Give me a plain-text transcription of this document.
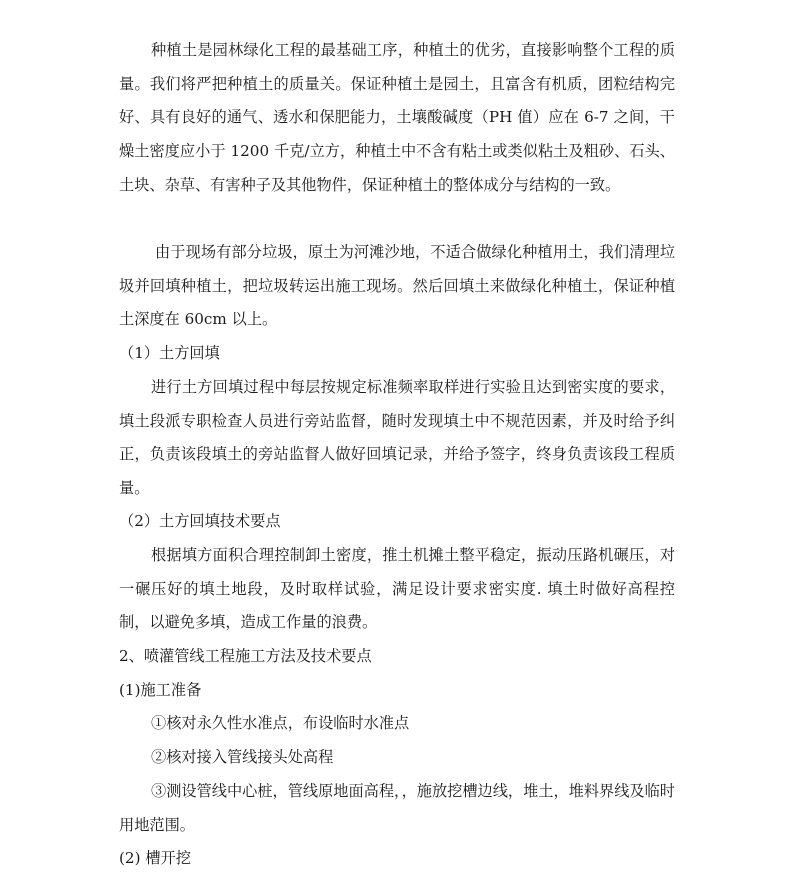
种植土是园林绿化工程的最基础工序，种植土的优劣，直接影响整个工程的质量。我们将严把种植土的质量关。保证种植土是园土，且富含有机质，团粒结构完好、具有良好的通气、透水和保肥能力，土壤酸碱度（PH 值）应在 6-7 之间，干燥土密度应小于 1200 千克/立方，种植土中不含有粘土或类似粘土及粗砂、石头、土块、杂草、有害种子及其他物件，保证种植土的整体成分与结构的一致。

由于现场有部分垃圾，原土为河滩沙地，不适合做绿化种植用土，我们清理垃圾并回填种植土，把垃圾转运出施工现场。然后回填土来做绿化种植土，保证种植土深度在 60cm 以上。

（1）土方回填

进行土方回填过程中每层按规定标准频率取样进行实验且达到密实度的要求，填土段派专职检查人员进行旁站监督，随时发现填土中不规范因素，并及时给予纠正，负责该段填土的旁站监督人做好回填记录，并给予签字，终身负责该段工程质量。

（2）土方回填技术要点

根据填方面积合理控制卸土密度，推土机摊土整平稳定，振动压路机碾压，对一碾压好的填土地段，及时取样试验，满足设计要求密实度. 填土时做好高程控制，以避免多填，造成工作量的浪费。

2、喷灌管线工程施工方法及技术要点

(1)施工准备

①核对永久性水准点，布设临时水准点

②核对接入管线接头处高程

③测设管线中心桩，管线原地面高程，，施放挖槽边线，堆土，堆料界线及临时用地范围。

(2) 槽开挖
